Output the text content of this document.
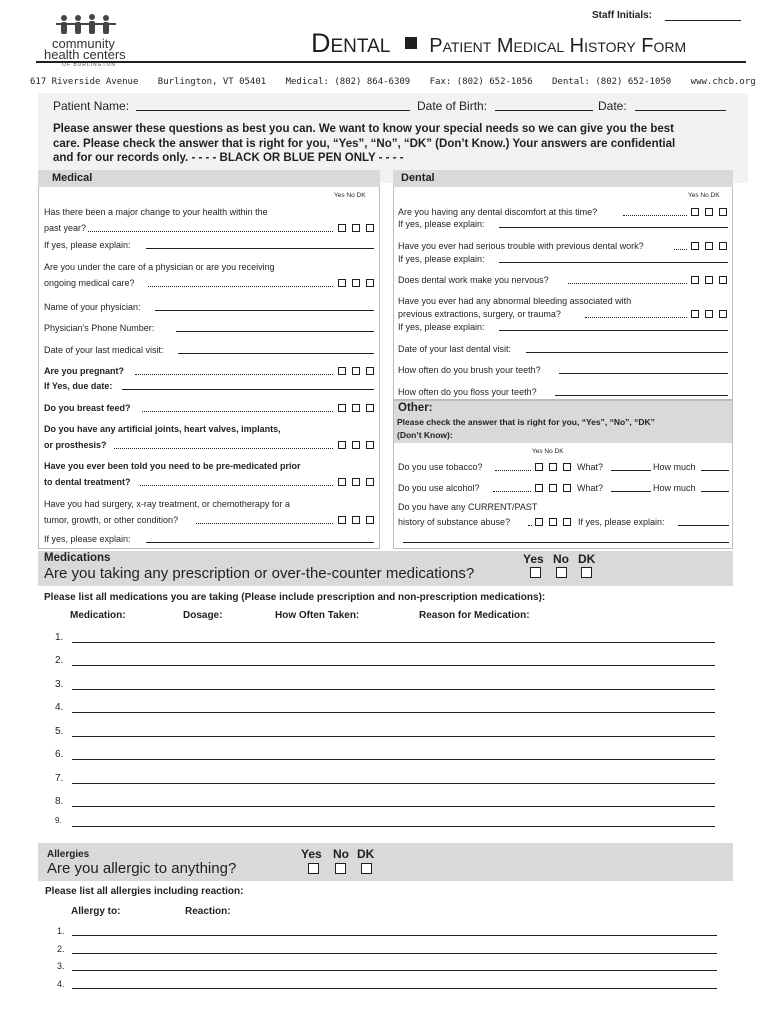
Staff Initials:
community
health centers
OF BURLINGTON
Dental Patient Medical History Form
617 Riverside Avenue Burlington, VT 05401 Medical: (802) 864-6309 Fax: (802) 652-1056 Dental: (802) 652-1050 www.chcb.org
Patient Name:	Date of Birth:	Date:
Please answer these questions as best you can. We want to know your special needs so we can give you the best
care. Please check the answer that is right for you, “Yes”, “No”, “DK” (Don’t Know.) Your answers are confidential
and for our records only. - - - - BLACK OR BLUE PEN ONLY - - - -
Medical	Dental
Yes No DK	Yes No DK
Has there been a major change to your health within the
past year?
If yes, please explain:
Are you under the care of a physician or are you receiving
ongoing medical care?
Name of your physician:
Physician's Phone Number:
Date of your last medical visit:
Are you pregnant?
If Yes, due date:
Do you breast feed?
Do you have any artificial joints, heart valves, implants,
or prosthesis?
Have you ever been told you need to be pre-medicated prior
to dental treatment?
Have you had surgery, x-ray treatment, or chemotherapy for a
tumor, growth, or other condition?
If yes, please explain:
Are you having any dental discomfort at this time?
If yes, please explain:
Have you ever had serious trouble with previous dental work?
If yes, please explain:
Does dental work make you nervous?
Have you ever had any abnormal bleeding associated with
previous extractions, surgery, or trauma?
If yes, please explain:
Date of your last dental visit:
How often do you brush your teeth?
How often do you floss your teeth?
Other:
Please check the answer that is right for you, “Yes”, “No”, “DK”
(Don’t Know):
Yes No DK
Do you use tobacco?	What?	How much
Do you use alcohol?	What?	How much
Do you have any CURRENT/PAST
history of substance abuse?	If yes, please explain:
Medications
Are you taking any prescription or over-the-counter medications?
Yes No DK
Please list all medications you are taking (Please include prescription and non-prescription medications):
Medication:	Dosage:	How Often Taken:	Reason for Medication:
1.
2.
3.
4.
5.
6.
7.
8.
9.
Allergies
Are you allergic to anything?
Yes No DK
Please list all allergies including reaction:
Allergy to:	Reaction:
1.
2.
3.
4.
